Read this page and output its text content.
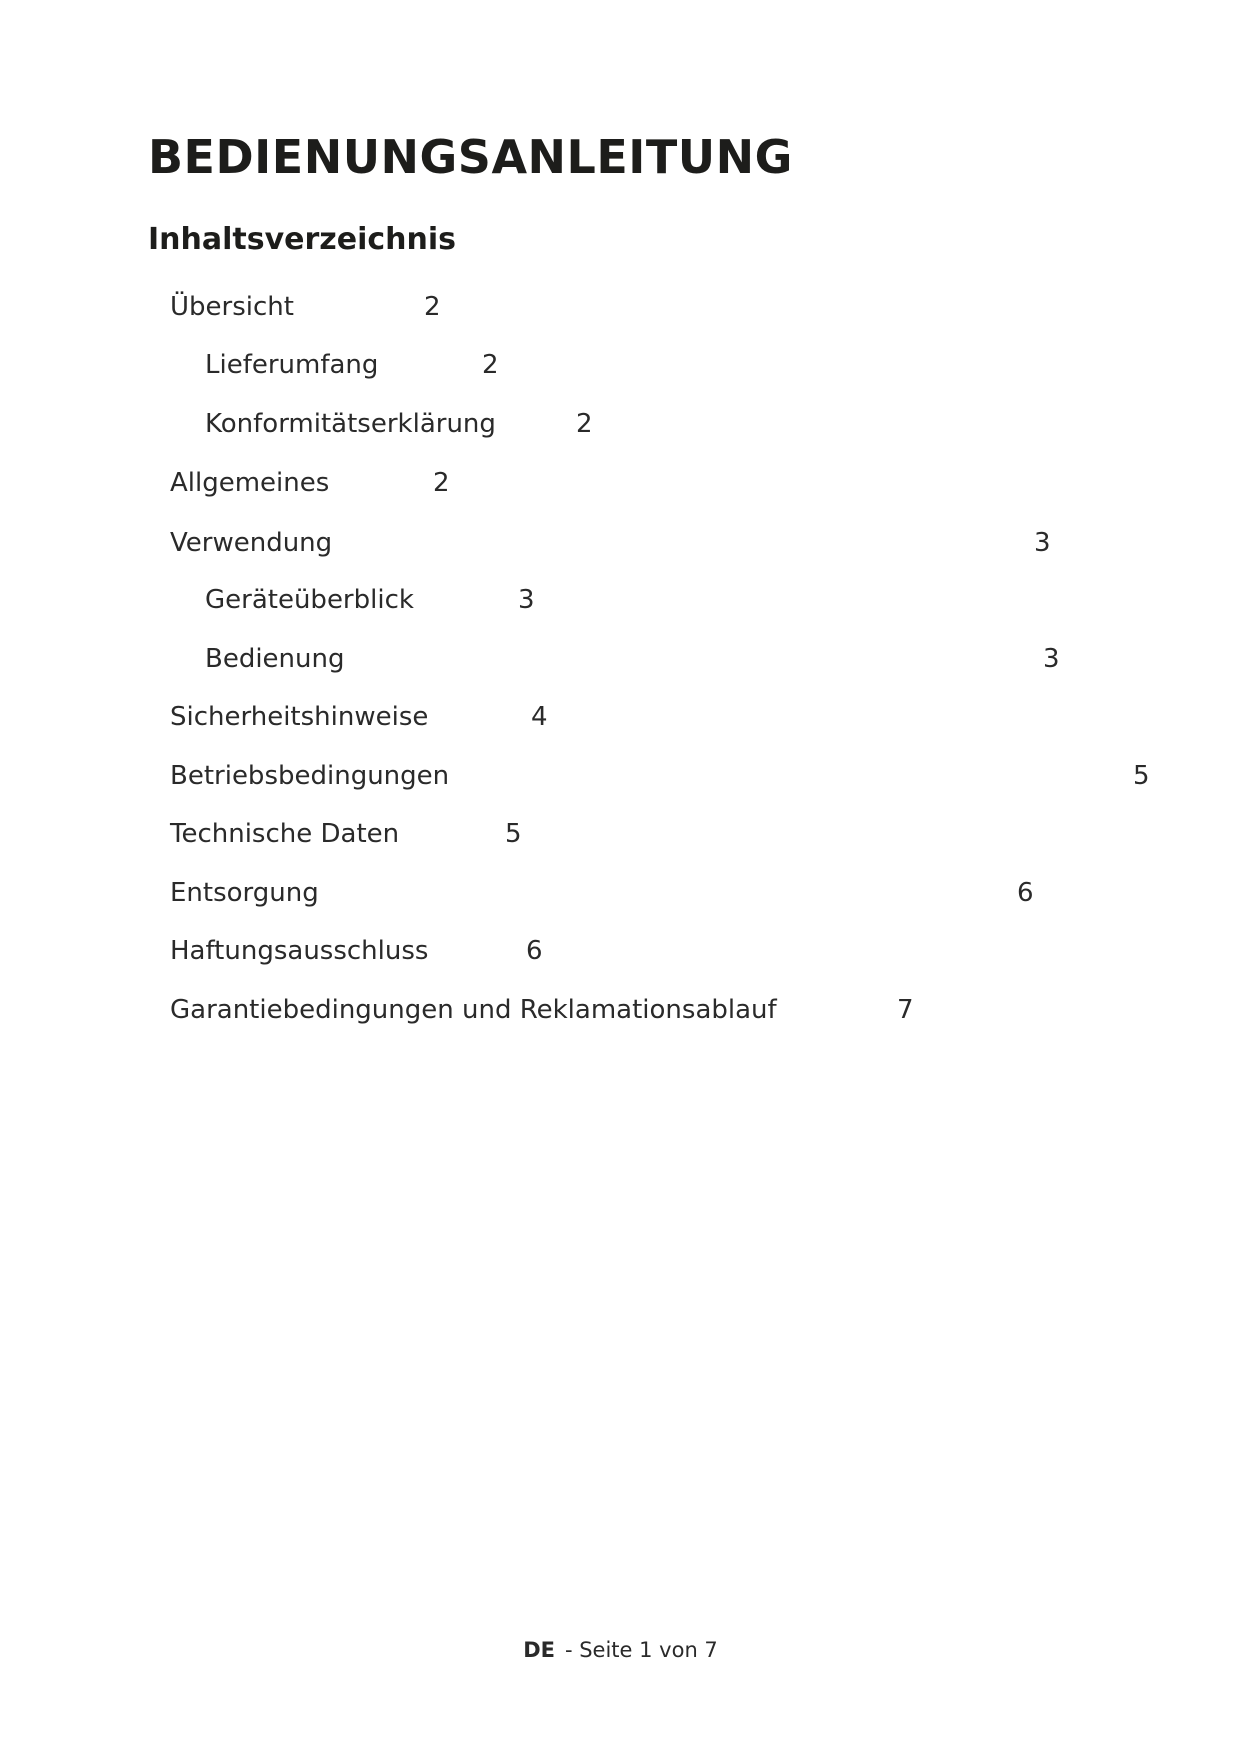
BEDIENUNGSANLEITUNG
Inhaltsverzeichnis
Übersicht	2
Lieferumfang	2
Konformitätserklärung	2
Allgemeines	2
Verwendung	3
Geräteüberblick	3
Bedienung	3
Sicherheitshinweise	4
Betriebsbedingungen	5
Technische Daten	5
Entsorgung	6
Haftungsausschluss	6
Garantiebedingungen und Reklamationsablauf	7
DE - Seite 1 von 7
